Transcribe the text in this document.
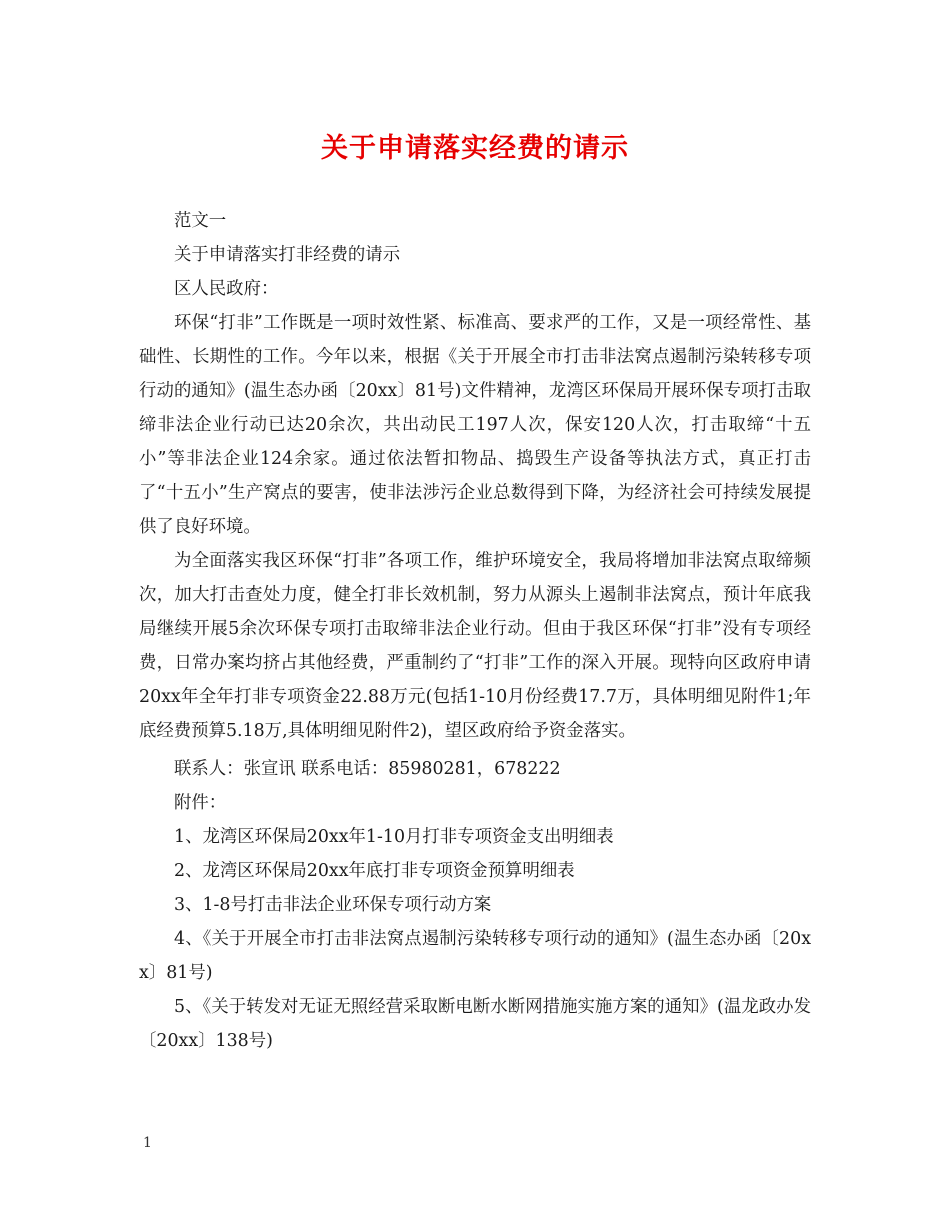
关于申请落实经费的请示

范文一

关于申请落实打非经费的请示

区人民政府：

环保“打非”工作既是一项时效性紧、标准高、要求严的工作，又是一项经常性、基础性、长期性的工作。今年以来，根据《关于开展全市打击非法窝点遏制污染转移专项行动的通知》(温生态办函〔20xx〕81号)文件精神，龙湾区环保局开展环保专项打击取缔非法企业行动已达20余次，共出动民工197人次，保安120人次，打击取缔“十五小”等非法企业124余家。通过依法暂扣物品、捣毁生产设备等执法方式，真正打击了“十五小”生产窝点的要害，使非法涉污企业总数得到下降，为经济社会可持续发展提供了良好环境。

为全面落实我区环保“打非”各项工作，维护环境安全，我局将增加非法窝点取缔频次，加大打击查处力度，健全打非长效机制，努力从源头上遏制非法窝点，预计年底我局继续开展5余次环保专项打击取缔非法企业行动。但由于我区环保“打非”没有专项经费，日常办案均挤占其他经费，严重制约了“打非”工作的深入开展。现特向区政府申请20xx年全年打非专项资金22.88万元(包括1-10月份经费17.7万，具体明细见附件1;年底经费预算5.18万,具体明细见附件2)，望区政府给予资金落实。

联系人：张宣讯 联系电话：85980281，678222

附件：

1、龙湾区环保局20xx年1-10月打非专项资金支出明细表

2、龙湾区环保局20xx年底打非专项资金预算明细表

3、1-8号打击非法企业环保专项行动方案

4、《关于开展全市打击非法窝点遏制污染转移专项行动的通知》(温生态办函〔20xx〕81号)

5、《关于转发对无证无照经营采取断电断水断网措施实施方案的通知》(温龙政办发〔20xx〕138号)

1
